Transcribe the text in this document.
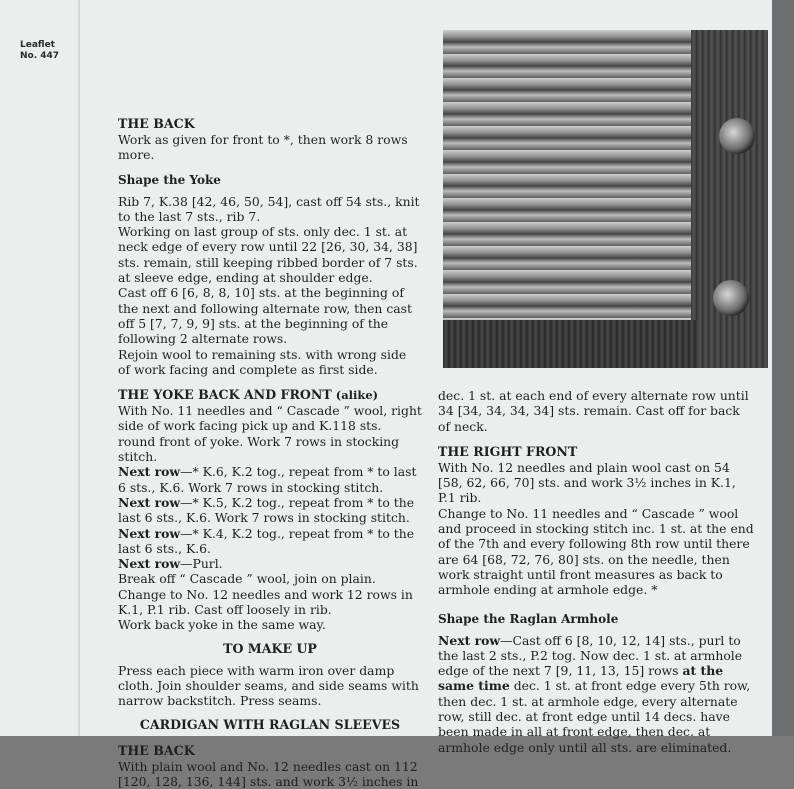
Leaflet
No. 447
THE BACK

Work as given for front to *, then work 8 rows more.

Shape the Yoke

Rib 7, K.38 [42, 46, 50, 54], cast off 54 sts., knit to the last 7 sts., rib 7.

Working on last group of sts. only dec. 1 st. at neck edge of every row until 22 [26, 30, 34, 38] sts. remain, still keeping ribbed border of 7 sts. at sleeve edge, ending at shoulder edge.

Cast off 6 [6, 8, 8, 10] sts. at the beginning of the next and following alternate row, then cast off 5 [7, 7, 9, 9] sts. at the beginning of the following 2 alternate rows.

Rejoin wool to remaining sts. with wrong side of work facing and complete as first side.

THE YOKE BACK AND FRONT (alike)

With No. 11 needles and “ Cascade ” wool, right side of work facing pick up and K.118 sts. round front of yoke. Work 7 rows in stocking stitch.

Next row—* K.6, K.2 tog., repeat from * to last 6 sts., K.6. Work 7 rows in stocking stitch.

Next row—* K.5, K.2 tog., repeat from * to the last 6 sts., K.6. Work 7 rows in stocking stitch.

Next row—* K.4, K.2 tog., repeat from * to the last 6 sts., K.6.

Next row—Purl.

Break off “ Cascade ” wool, join on plain.

Change to No. 12 needles and work 12 rows in K.1, P.1 rib. Cast off loosely in rib.

Work back yoke in the same way.

TO MAKE UP

Press each piece with warm iron over damp cloth. Join shoulder seams, and side seams with narrow backstitch. Press seams.

CARDIGAN WITH RAGLAN SLEEVES
THE BACK

With plain wool and No. 12 needles cast on 112 [120, 128, 136, 144] sts. and work 3½ inches in

dec. 1 st. at each end of every alternate row until 34 [34, 34, 34, 34] sts. remain. Cast off for back of neck.

THE RIGHT FRONT

With No. 12 needles and plain wool cast on 54 [58, 62, 66, 70] sts. and work 3½ inches in K.1, P.1 rib.

Change to No. 11 needles and “ Cascade ” wool and proceed in stocking stitch inc. 1 st. at the end of the 7th and every following 8th row until there are 64 [68, 72, 76, 80] sts. on the needle, then work straight until front measures as back to armhole ending at armhole edge. *

Shape the Raglan Armhole

Next row—Cast off 6 [8, 10, 12, 14] sts., purl to the last 2 sts., P.2 tog. Now dec. 1 st. at armhole edge of the next 7 [9, 11, 13, 15] rows at the same time dec. 1 st. at front edge every 5th row, then dec. 1 st. at armhole edge, every alternate row, still dec. at front edge until 14 decs. have been made in all at front edge, then dec. at armhole edge only until all sts. are eliminated.
